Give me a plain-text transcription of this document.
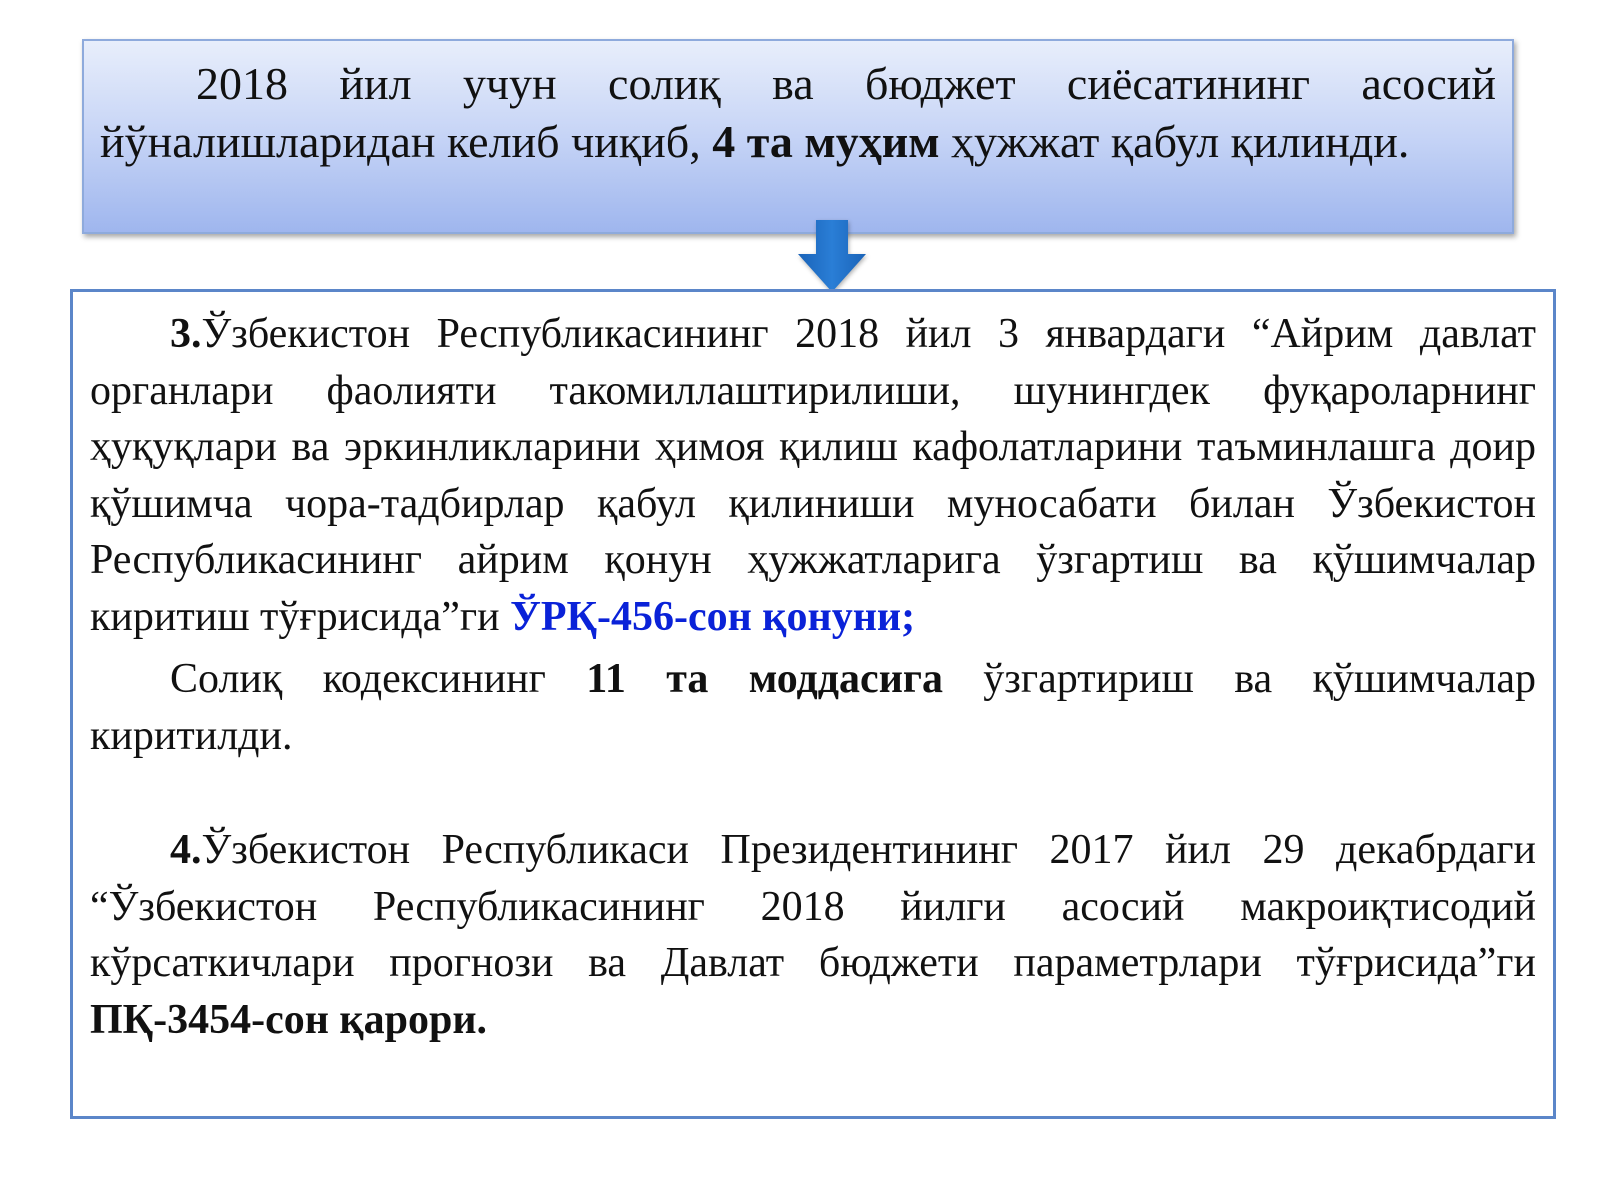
2018 йил учун солиқ ва бюджет сиёсатининг асосий йўналишларидан келиб чиқиб, 4 та муҳим ҳужжат қабул қилинди.

3.Ўзбекистон Республикасининг 2018 йил 3 январдаги “Айрим давлат органлари фаолияти такомиллаштирилиши, шунингдек фуқароларнинг ҳуқуқлари ва эркинликларини ҳимоя қилиш кафолатларини таъминлашга доир қўшимча чора-тадбирлар қабул қилиниши муносабати билан Ўзбекистон Республикасининг айрим қонун ҳужжатларига ўзгартиш ва қўшимчалар киритиш тўғрисида”ги ЎРҚ-456-сон қонуни;

Солиқ кодексининг 11 та моддасига ўзгартириш ва қўшимчалар киритилди.

4.Ўзбекистон Республикаси Президентининг 2017 йил 29 декабрдаги “Ўзбекистон Республикасининг 2018 йилги асосий макроиқтисодий кўрсаткичлари прогнози ва Давлат бюджети параметрлари тўғрисида”ги ПҚ-3454-сон қарори.
